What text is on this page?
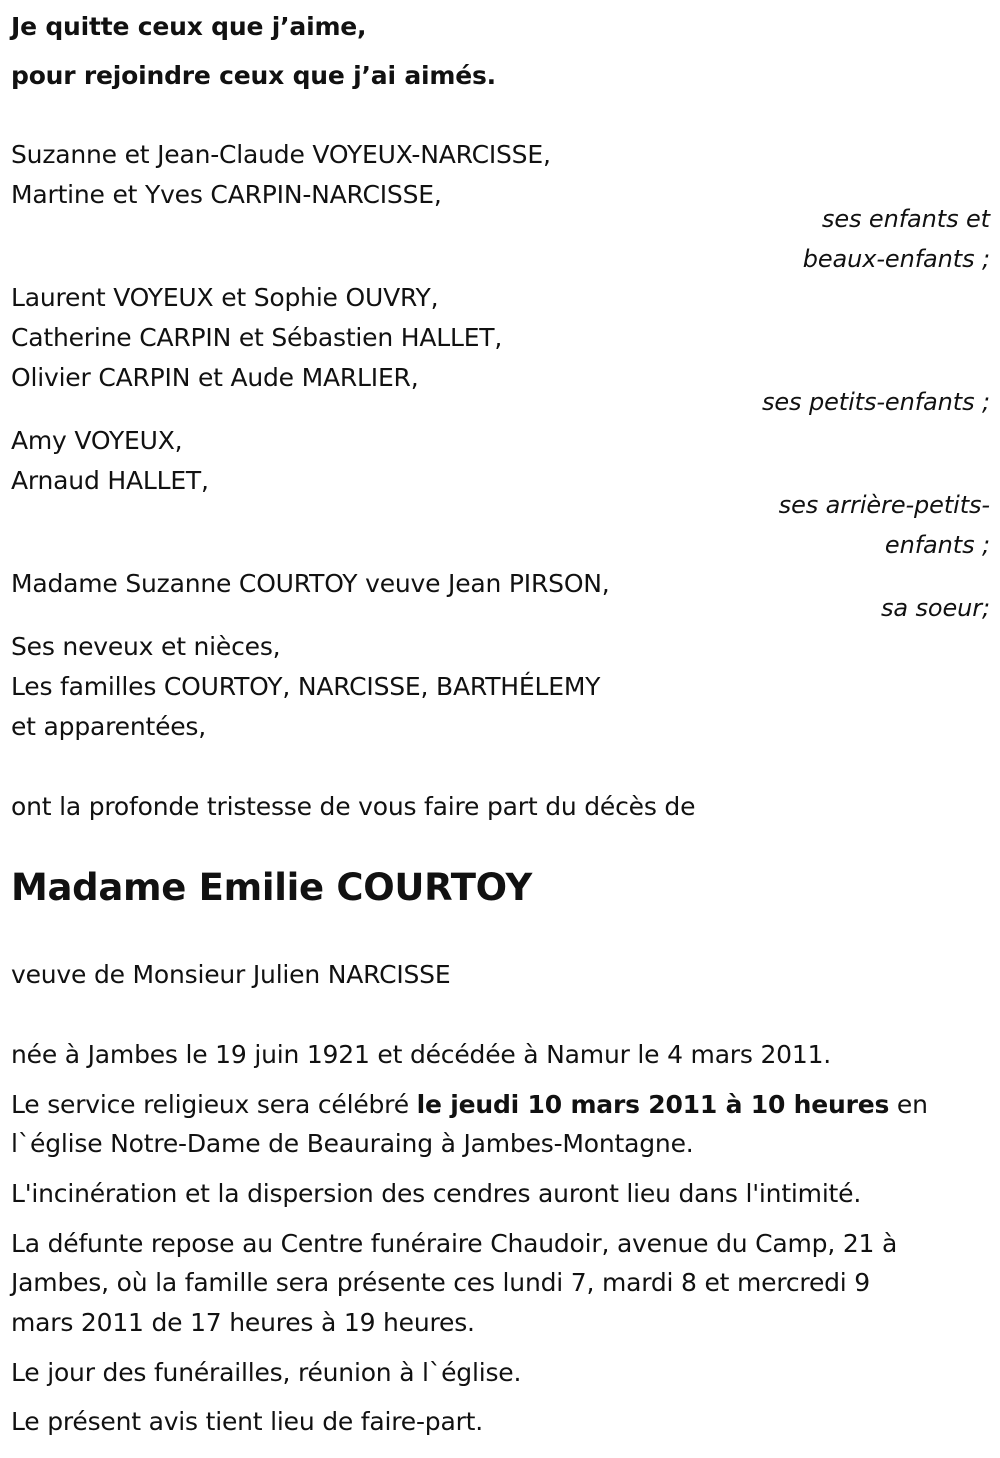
Je quitte ceux que j’aime,
pour rejoindre ceux que j’ai aimés.
Suzanne et Jean-Claude VOYEUX-NARCISSE,
Martine et Yves CARPIN-NARCISSE,
ses enfants et
beaux-enfants ;
Laurent VOYEUX et Sophie OUVRY,
Catherine CARPIN et Sébastien HALLET,
Olivier CARPIN et Aude MARLIER,
ses petits-enfants ;
Amy VOYEUX,
Arnaud HALLET,
ses arrière-petits-
enfants ;
Madame Suzanne COURTOY veuve Jean PIRSON,
sa soeur;
Ses neveux et nièces,
Les familles COURTOY, NARCISSE, BARTHÉLEMY
et apparentées,
ont la profonde tristesse de vous faire part du décès de
Madame Emilie COURTOY
veuve de Monsieur Julien NARCISSE
née à Jambes le 19 juin 1921 et décédée à Namur le 4 mars 2011.
Le service religieux sera célébré le jeudi 10 mars 2011 à 10 heures en
l`église Notre-Dame de Beauraing à Jambes-Montagne.
L'incinération et la dispersion des cendres auront lieu dans l'intimité.
La défunte repose au Centre funéraire Chaudoir, avenue du Camp, 21 à
Jambes, où la famille sera présente ces lundi 7, mardi 8 et mercredi 9
mars 2011 de 17 heures à 19 heures.
Le jour des funérailles, réunion à l`église.
Le présent avis tient lieu de faire-part.
